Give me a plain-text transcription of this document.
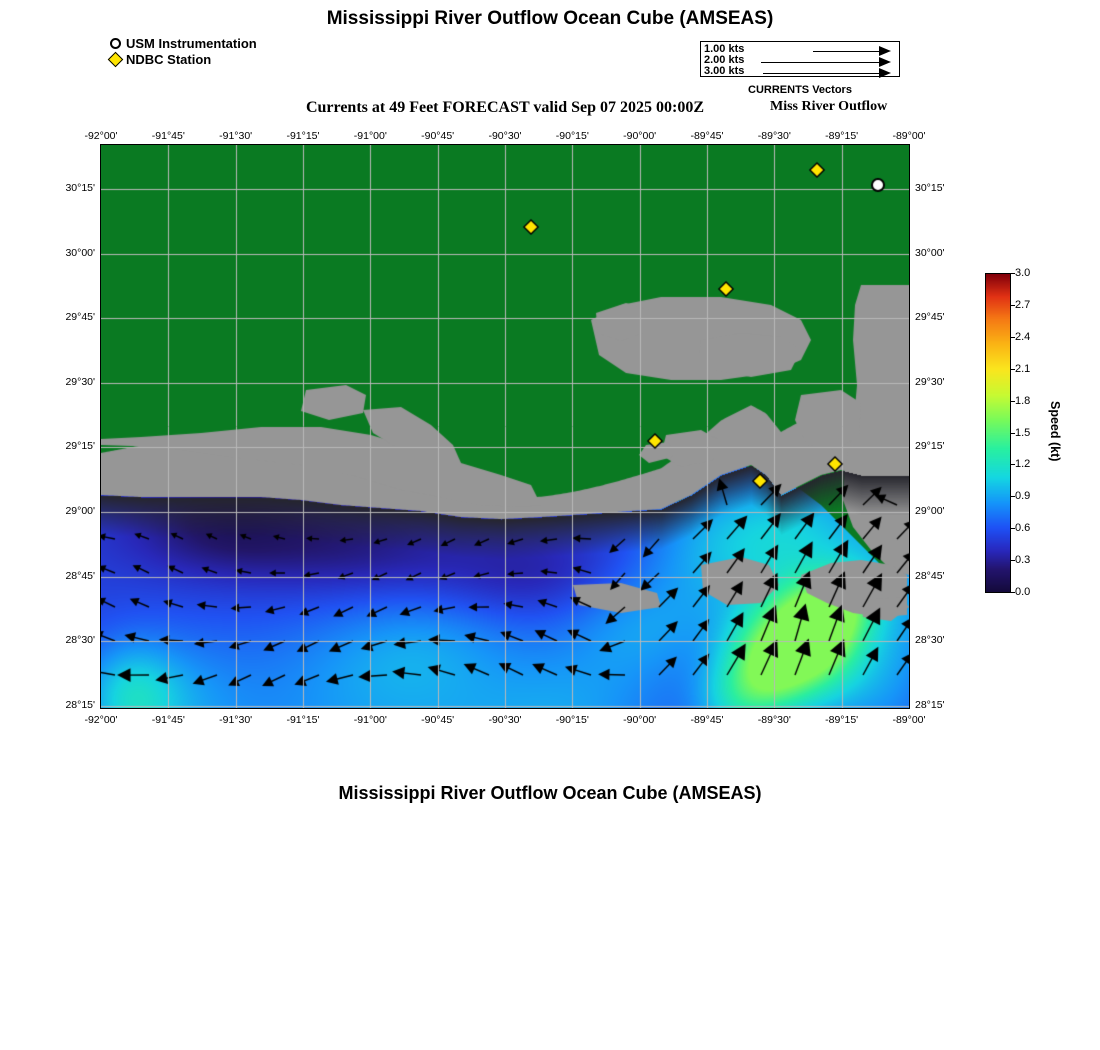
Mississippi River Outflow Ocean Cube (AMSEAS)
Currents at 49 Feet FORECAST valid Sep 07 2025 00:00Z	Miss River Outflow
Mississippi River Outflow Ocean Cube (AMSEAS)
USM Instrumentation
NDBC Station
1.00 kts
2.00 kts
3.00 kts
CURRENTS Vectors
-92°00'
-92°00'
-91°45'
-91°45'
-91°30'
-91°30'
-91°15'
-91°15'
-91°00'
-91°00'
-90°45'
-90°45'
-90°30'
-90°30'
-90°15'
-90°15'
-90°00'
-90°00'
-89°45'
-89°45'
-89°30'
-89°30'
-89°15'
-89°15'
-89°00'
-89°00'
30°15'	30°15'
30°00'	30°00'
29°45'	29°45'
29°30'	29°30'
29°15'	29°15'
29°00'	29°00'
28°45'	28°45'
28°30'	28°30'
28°15'	28°15'
Speed (kt)
3.0
2.7
2.4
2.1
1.8
1.5
1.2
0.9
0.6
0.3
0.0
